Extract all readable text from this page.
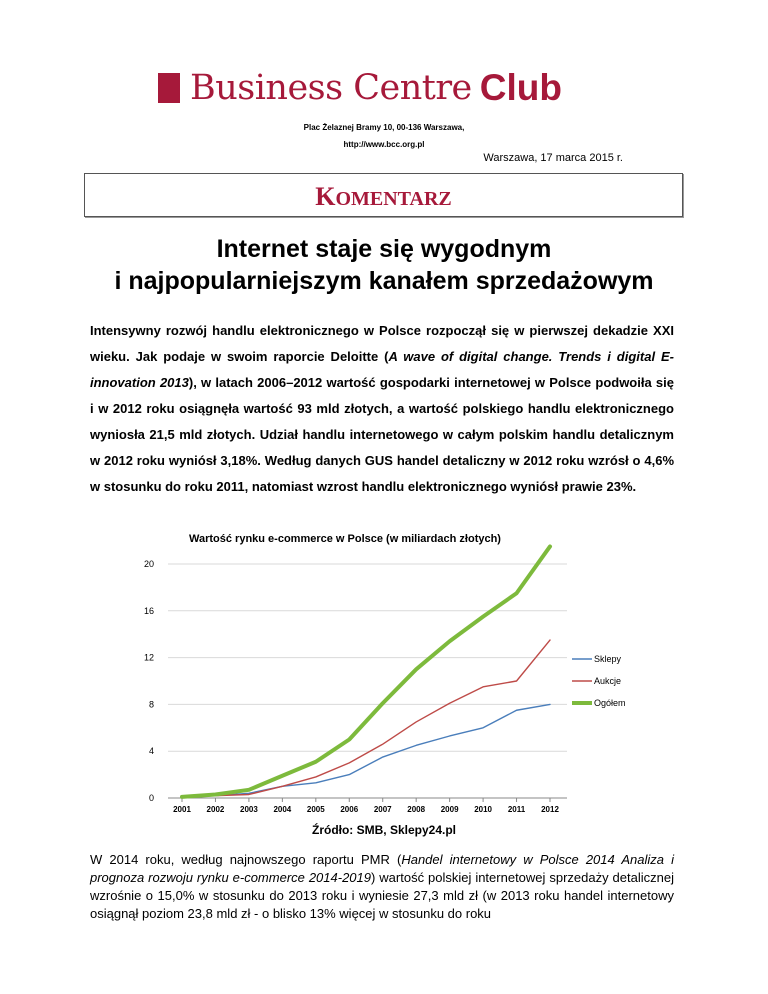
Business Centre Club
Plac Żelaznej Bramy 10, 00-136 Warszawa,
http://www.bcc.org.pl
Warszawa, 17 marca 2015 r.
KOMENTARZ
Internet staje się wygodnym
i najpopularniejszym kanałem sprzedażowym
Intensywny rozwój handlu elektronicznego w Polsce rozpoczął się w pierwszej dekadzie XXI wieku. Jak podaje w swoim raporcie Deloitte (A wave of digital change. Trends i digital E-innovation 2013), w latach 2006–2012 wartość gospodarki internetowej w Polsce podwoiła się i w 2012 roku osiągnęła wartość 93 mld złotych, a wartość polskiego handlu elektronicznego wyniosła 21,5 mld złotych. Udział handlu internetowego w całym polskim handlu detalicznym w 2012 roku wyniósł 3,18%. Według danych GUS handel detaliczny w 2012 roku wzrósł o 4,6% w stosunku do roku 2011, natomiast wzrost handlu elektronicznego wyniósł prawie 23%.
Wartość rynku e-commerce w Polsce (w miliardach złotych)
0
4
8
12
16
20
2001 2002 2003 2004 2005 2006 2007 2008 2009 2010 2011 2012
Sklepy
Aukcje
Ogółem
Źródło: SMB, Sklepy24.pl
W 2014 roku, według najnowszego raportu PMR (Handel internetowy w Polsce 2014 Analiza i prognoza rozwoju rynku e-commerce 2014-2019) wartość polskiej internetowej sprzedaży detalicznej wzrośnie o 15,0% w stosunku do 2013 roku i wyniesie 27,3 mld zł (w 2013 roku handel internetowy osiągnął poziom 23,8 mld zł - o blisko 13% więcej w stosunku do roku
